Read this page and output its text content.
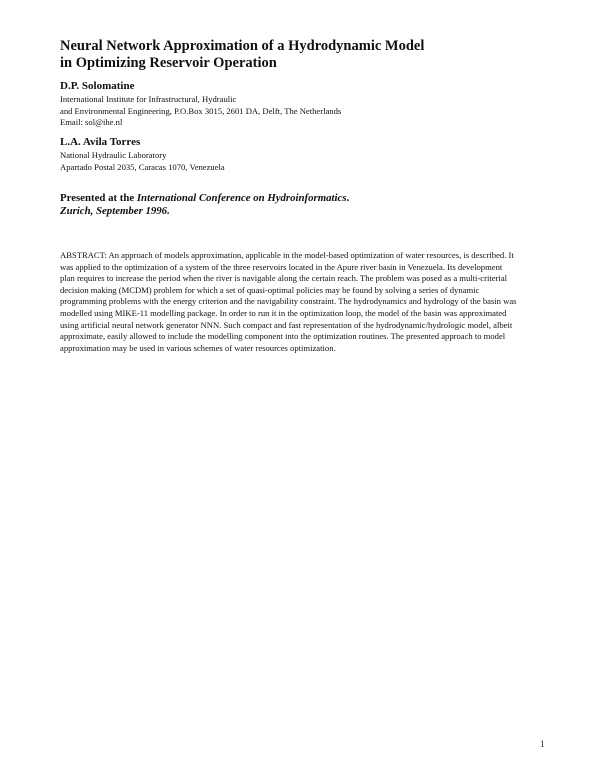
Neural Network Approximation of a Hydrodynamic Model
in Optimizing Reservoir Operation

D.P. Solomatine

International Institute for Infrastructural, Hydraulic

and Environmental Engineering, P.O.Box 3015, 2601 DA, Delft, The Netherlands

Email: sol@ihe.nl

L.A. Avila Torres

National Hydraulic Laboratory

Apartado Postal 2035, Caracas 1070, Venezuela

Presented at the International Conference on Hydroinformatics.
Zurich, September 1996.

ABSTRACT: An approach of models approximation, applicable in the model-based optimization of water resources, is described. It
was applied to the optimization of a system of the three reservoirs located in the Apure river basin in Venezuela. Its development
plan requires to increase the period when the river is navigable along the certain reach. The problem was posed as a multi-criterial
decision making (MCDM) problem for which a set of quasi-optimal policies may be found by solving a series of dynamic
programming problems with the energy criterion and the navigability constraint. The hydrodynamics and hydrology of the basin was
modelled using MIKE-11 modelling package. In order to run it in the optimization loop, the model of the basin was approximated
using artificial neural network generator NNN. Such compact and fast representation of the hydrodynamic/hydrologic model, albeit
approximate, easily allowed to include the modelling component into the optimization routines. The presented approach to model
approximation may be used in various schemes of water resources optimization.

1
